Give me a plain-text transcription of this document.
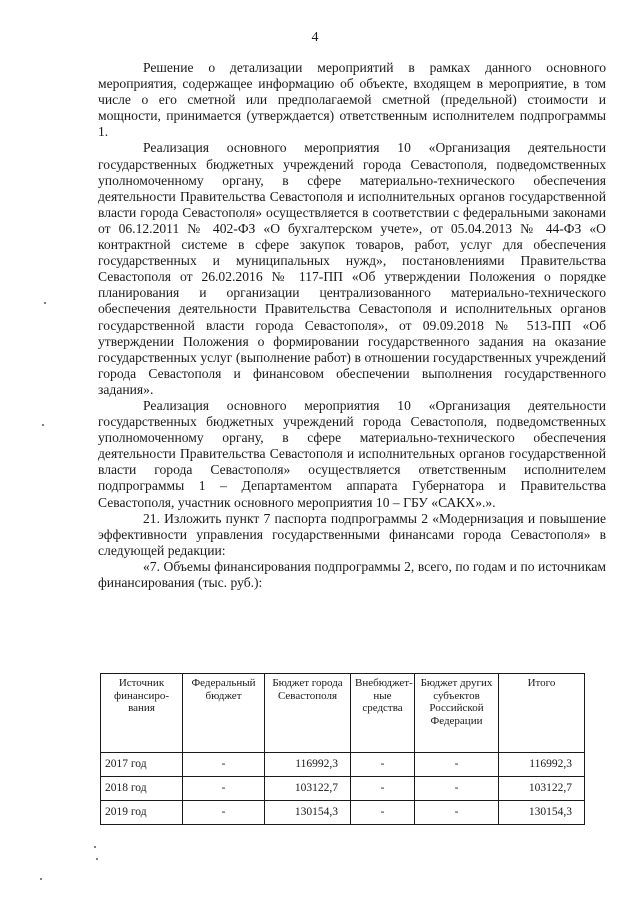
4

Решение о детализации мероприятий в рамках данного основного мероприятия, содержащее информацию об объекте, входящем в мероприятие, в том числе о его сметной или предполагаемой сметной (предельной) стоимости и мощности, принимается (утверждается) ответственным исполнителем подпрограммы 1.

Реализация основного мероприятия 10 «Организация деятельности государственных бюджетных учреждений города Севастополя, подведомственных уполномоченному органу, в сфере материально-технического обеспечения деятельности Правительства Севастополя и исполнительных органов государственной власти города Севастополя» осуществляется в соответствии с федеральными законами от 06.12.2011 № 402-ФЗ «О бухгалтерском учете», от 05.04.2013 № 44-ФЗ «О контрактной системе в сфере закупок товаров, работ, услуг для обеспечения государственных и муниципальных нужд», постановлениями Правительства Севастополя от 26.02.2016 № 117-ПП «Об утверждении Положения о порядке планирования и организации централизованного материально-технического обеспечения деятельности Правительства Севастополя и исполнительных органов государственной власти города Севастополя», от 09.09.2018 № 513-ПП «Об утверждении Положения о формировании государственного задания на оказание государственных услуг (выполнение работ) в отношении государственных учреждений города Севастополя и финансовом обеспечении выполнения государственного задания».

Реализация основного мероприятия 10 «Организация деятельности государственных бюджетных учреждений города Севастополя, подведомственных уполномоченному органу, в сфере материально-технического обеспечения деятельности Правительства Севастополя и исполнительных органов государственной власти города Севастополя» осуществляется ответственным исполнителем подпрограммы 1 – Департаментом аппарата Губернатора и Правительства Севастополя, участник основного мероприятия 10 – ГБУ «САКХ».».

21. Изложить пункт 7 паспорта подпрограммы 2 «Модернизация и повышение эффективности управления государственными финансами города Севастополя» в следующей редакции:

«7. Объемы финансирования подпрограммы 2, всего, по годам и по источникам финансирования (тыс. руб.):

Источник финансиро-вания	Федеральный бюджет	Бюджет города Севастополя	Внебюджет-ные средства	Бюджет других субъектов Российской Федерации	Итого
2017 год	-	116992,3	-	-	116992,3
2018 год	-	103122,7	-	-	103122,7
2019 год	-	130154,3	-	-	130154,3
